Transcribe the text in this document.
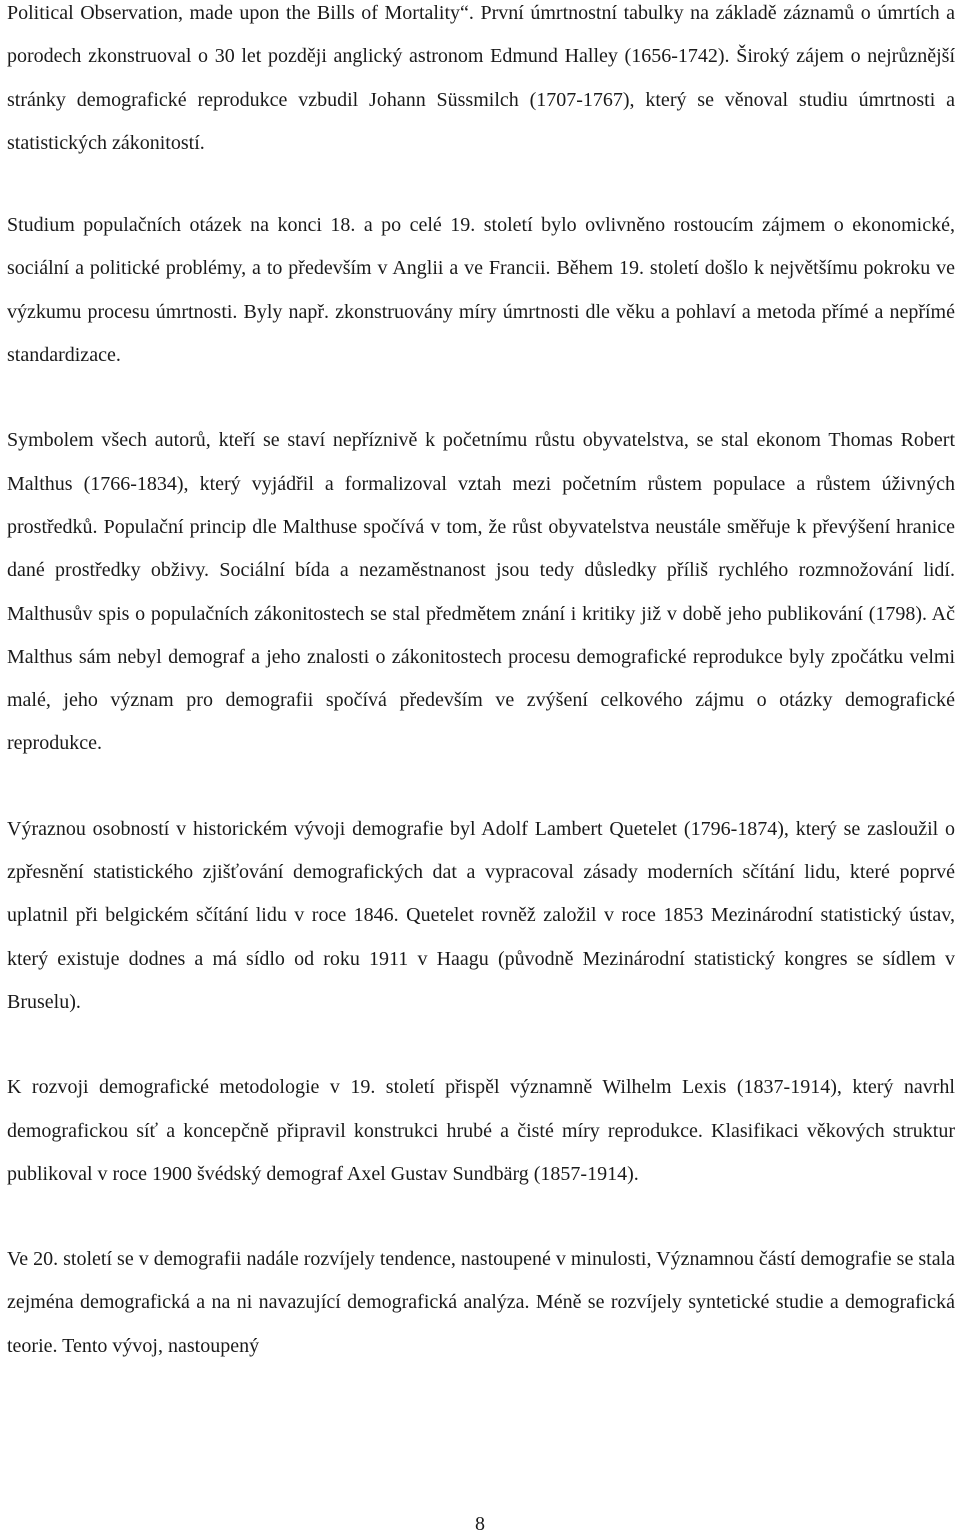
Political Observation, made upon the Bills of Mortality“. První úmrtnostní tabulky na základě záznamů o úmrtích a porodech zkonstruoval o 30 let později anglický astronom Edmund Halley (1656-1742). Široký zájem o nejrůznější stránky demografické reprodukce vzbudil Johann Süssmilch (1707-1767), který se věnoval studiu úmrtnosti a statistických zákonitostí.

Studium populačních otázek na konci 18. a po celé 19. století bylo ovlivněno rostoucím zájmem o ekonomické, sociální a politické problémy, a to především v Anglii a ve Francii. Během 19. století došlo k největšímu pokroku ve výzkumu procesu úmrtnosti. Byly např. zkonstruovány míry úmrtnosti dle věku a pohlaví a metoda přímé a nepřímé standardizace.

Symbolem všech autorů, kteří se staví nepříznivě k početnímu růstu obyvatelstva, se stal ekonom Thomas Robert Malthus (1766-1834), který vyjádřil a formalizoval vztah mezi početním růstem populace a růstem úživných prostředků. Populační princip dle Malthuse spočívá v tom, že růst obyvatelstva neustále směřuje k převýšení hranice dané prostředky obživy. Sociální bída a nezaměstnanost jsou tedy důsledky příliš rychlého rozmnožování lidí. Malthusův spis o populačních zákonitostech se stal předmětem znání i kritiky již v době jeho publikování (1798). Ač Malthus sám nebyl demograf a jeho znalosti o zákonitostech procesu demografické reprodukce byly zpočátku velmi malé, jeho význam pro demografii spočívá především ve zvýšení celkového zájmu o otázky demografické reprodukce.

Výraznou osobností v historickém vývoji demografie byl Adolf Lambert Quetelet (1796-1874), který se zasloužil o zpřesnění statistického zjišťování demografických dat a vypracoval zásady moderních sčítání lidu, které poprvé uplatnil při belgickém sčítání lidu v roce 1846. Quetelet rovněž založil v roce 1853 Mezinárodní statistický ústav, který existuje dodnes a má sídlo od roku 1911 v Haagu (původně Mezinárodní statistický kongres se sídlem v Bruselu).

K rozvoji demografické metodologie v 19. století přispěl významně Wilhelm Lexis (1837-1914), který navrhl demografickou síť a koncepčně připravil konstrukci hrubé a čisté míry reprodukce. Klasifikaci věkových struktur publikoval v roce 1900 švédský demograf Axel Gustav Sundbärg (1857-1914).

Ve 20. století se v demografii nadále rozvíjely tendence, nastoupené v minulosti, Významnou částí demografie se stala zejména demografická a na ni navazující demografická analýza. Méně se rozvíjely syntetické studie a demografická teorie. Tento vývoj, nastoupený

8
